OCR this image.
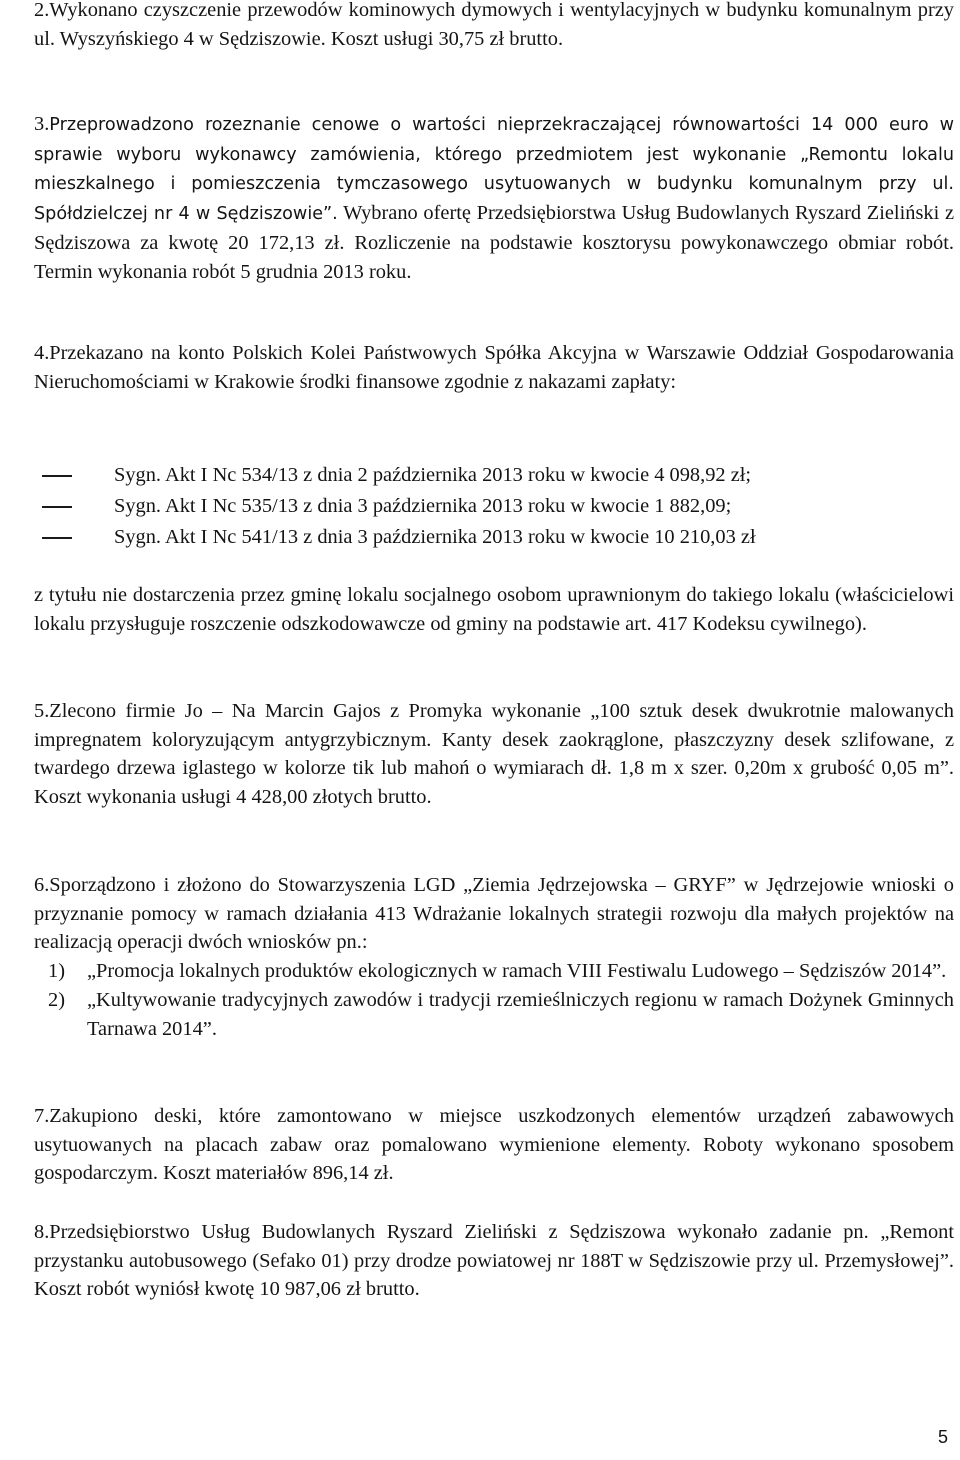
2.Wykonano czyszczenie przewodów kominowych dymowych i wentylacyjnych w budynku komunalnym przy ul. Wyszyńskiego 4 w Sędziszowie. Koszt usługi 30,75 zł brutto.

3.Przeprowadzono rozeznanie cenowe o wartości nieprzekraczającej równowartości 14 000 euro w sprawie wyboru wykonawcy zamówienia, którego przedmiotem jest wykonanie „Remontu lokalu mieszkalnego i pomieszczenia tymczasowego usytuowanych w budynku komunalnym przy ul. Spółdzielczej nr 4 w Sędziszowie”. Wybrano ofertę Przedsiębiorstwa Usług Budowlanych Ryszard Zieliński z Sędziszowa za kwotę 20 172,13 zł. Rozliczenie na podstawie kosztorysu powykonawczego obmiar robót. Termin wykonania robót 5 grudnia 2013 roku.

4.Przekazano na konto Polskich Kolei Państwowych Spółka Akcyjna w Warszawie Oddział Gospodarowania Nieruchomościami w Krakowie środki finansowe zgodnie z nakazami zapłaty:

Sygn. Akt I Nc 534/13 z dnia 2 października 2013 roku w kwocie 4 098,92 zł;
Sygn. Akt I Nc 535/13 z dnia 3 października 2013 roku w kwocie 1 882,09;
Sygn. Akt I Nc 541/13 z dnia 3 października 2013 roku w kwocie 10 210,03 zł

z tytułu nie dostarczenia przez gminę lokalu socjalnego osobom uprawnionym do takiego lokalu (właścicielowi lokalu przysługuje roszczenie odszkodowawcze od gminy na podstawie art. 417 Kodeksu cywilnego).

5.Zlecono firmie Jo – Na Marcin Gajos z Promyka wykonanie „100 sztuk desek dwukrotnie malowanych impregnatem koloryzującym antygrzybicznym. Kanty desek zaokrąglone, płaszczyzny desek szlifowane, z twardego drzewa iglastego w kolorze tik lub mahoń o wymiarach dł. 1,8 m x szer. 0,20m x grubość 0,05 m”. Koszt wykonania usługi 4 428,00 złotych brutto.

6.Sporządzono i złożono do Stowarzyszenia LGD „Ziemia Jędrzejowska – GRYF” w Jędrzejowie wnioski o przyznanie pomocy w ramach działania 413 Wdrażanie lokalnych strategii rozwoju dla małych projektów na realizacją operacji dwóch wniosków pn.:

1) „Promocja lokalnych produktów ekologicznych w ramach VIII Festiwalu Ludowego – Sędziszów 2014”.
2) „Kultywowanie tradycyjnych zawodów i tradycji rzemieślniczych regionu w ramach Dożynek Gminnych Tarnawa 2014”.

7.Zakupiono deski, które zamontowano w miejsce uszkodzonych elementów urządzeń zabawowych usytuowanych na placach zabaw oraz pomalowano wymienione elementy. Roboty wykonano sposobem gospodarczym. Koszt materiałów 896,14 zł.

8.Przedsiębiorstwo Usług Budowlanych Ryszard Zieliński z Sędziszowa wykonało zadanie pn. „Remont przystanku autobusowego (Sefako 01) przy drodze powiatowej nr 188T w Sędziszowie przy ul. Przemysłowej”. Koszt robót wyniósł kwotę 10 987,06 zł brutto.

5
